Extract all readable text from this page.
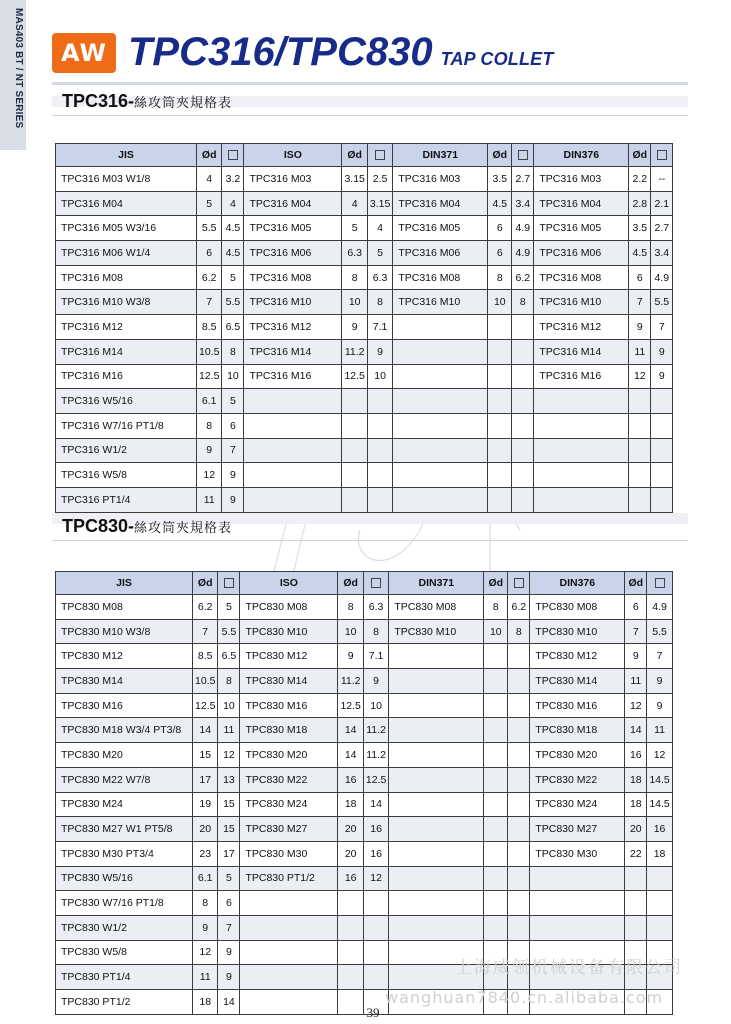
MAS403 BT / NT SERIES	AW TPC316/TPC830 TAP COLLET
TPC316-絲攻筒夾規格表
JIS	Ød		ISO	Ød		DIN371	Ød		DIN376	Ød	
TPC316 M03 W1/8	4	3.2	TPC316 M03	3.15	2.5	TPC316 M03	3.5	2.7	TPC316 M03	2.2	--
TPC316 M04	5	4	TPC316 M04	4	3.15	TPC316 M04	4.5	3.4	TPC316 M04	2.8	2.1
TPC316 M05 W3/16	5.5	4.5	TPC316 M05	5	4	TPC316 M05	6	4.9	TPC316 M05	3.5	2.7
TPC316 M06 W1/4	6	4.5	TPC316 M06	6.3	5	TPC316 M06	6	4.9	TPC316 M06	4.5	3.4
TPC316 M08	6.2	5	TPC316 M08	8	6.3	TPC316 M08	8	6.2	TPC316 M08	6	4.9
TPC316 M10 W3/8	7	5.5	TPC316 M10	10	8	TPC316 M10	10	8	TPC316 M10	7	5.5
TPC316 M12	8.5	6.5	TPC316 M12	9	7.1				TPC316 M12	9	7
TPC316 M14	10.5	8	TPC316 M14	11.2	9				TPC316 M14	11	9
TPC316 M16	12.5	10	TPC316 M16	12.5	10				TPC316 M16	12	9
TPC316 W5/16	6.1	5									
TPC316 W7/16 PT1/8	8	6									
TPC316 W1/2	9	7									
TPC316 W5/8	12	9									
TPC316 PT1/4	11	9									
TPC830-絲攻筒夾規格表
JIS	Ød		ISO	Ød		DIN371	Ød		DIN376	Ød	
TPC830 M08	6.2	5	TPC830 M08	8	6.3	TPC830 M08	8	6.2	TPC830 M08	6	4.9
TPC830 M10 W3/8	7	5.5	TPC830 M10	10	8	TPC830 M10	10	8	TPC830 M10	7	5.5
TPC830 M12	8.5	6.5	TPC830 M12	9	7.1				TPC830 M12	9	7
TPC830 M14	10.5	8	TPC830 M14	11.2	9				TPC830 M14	11	9
TPC830 M16	12.5	10	TPC830 M16	12.5	10				TPC830 M16	12	9
TPC830 M18 W3/4 PT3/8	14	11	TPC830 M18	14	11.2				TPC830 M18	14	11
TPC830 M20	15	12	TPC830 M20	14	11.2				TPC830 M20	16	12
TPC830 M22 W7/8	17	13	TPC830 M22	16	12.5				TPC830 M22	18	14.5
TPC830 M24	19	15	TPC830 M24	18	14				TPC830 M24	18	14.5
TPC830 M27 W1 PT5/8	20	15	TPC830 M27	20	16				TPC830 M27	20	16
TPC830 M30 PT3/4	23	17	TPC830 M30	20	16				TPC830 M30	22	18
TPC830 W5/16	6.1	5	TPC830 PT1/2	16	12						
TPC830 W7/16 PT1/8	8	6									
TPC830 W1/2	9	7									
TPC830 W5/8	12	9									
TPC830 PT1/4	11	9									
TPC830 PT1/2	18	14									
上海威领机械设备有限公司
wanghuan7840.cn.alibaba.com
39
